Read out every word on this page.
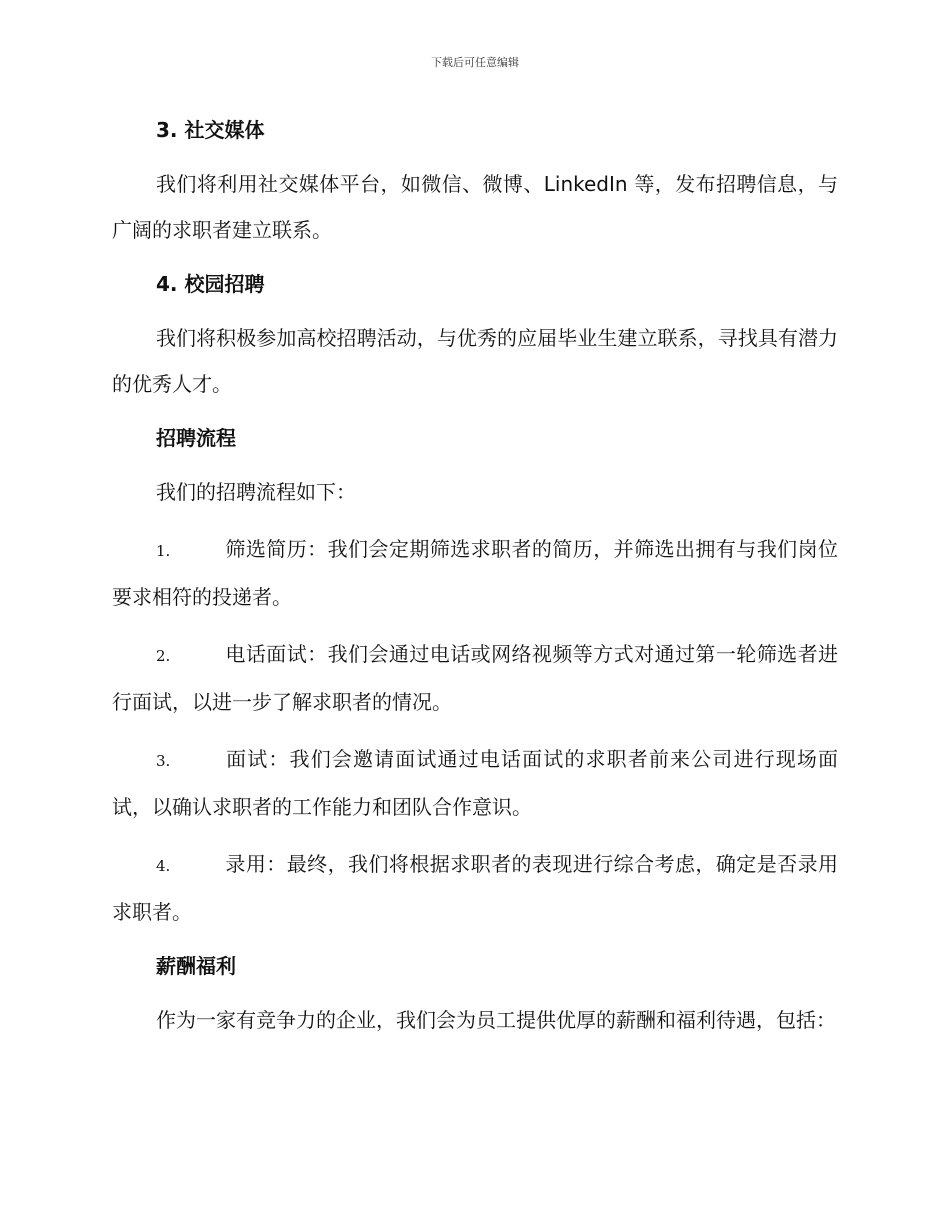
下载后可任意编辑
3. 社交媒体
我们将利用社交媒体平台，如微信、微博、LinkedIn 等，发布招聘信息，与广阔的求职者建立联系。
4. 校园招聘
我们将积极参加高校招聘活动，与优秀的应届毕业生建立联系，寻找具有潜力的优秀人才。
招聘流程
我们的招聘流程如下：
1.	筛选简历：我们会定期筛选求职者的简历，并筛选出拥有与我们岗位要求相符的投递者。
2.	电话面试：我们会通过电话或网络视频等方式对通过第一轮筛选者进行面试，以进一步了解求职者的情况。
3.	面试：我们会邀请面试通过电话面试的求职者前来公司进行现场面试，以确认求职者的工作能力和团队合作意识。
4.	录用：最终，我们将根据求职者的表现进行综合考虑，确定是否录用求职者。
薪酬福利
作为一家有竞争力的企业，我们会为员工提供优厚的薪酬和福利待遇，包括：
